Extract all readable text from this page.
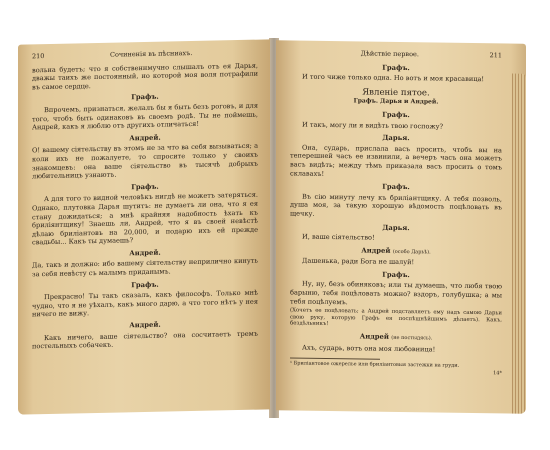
210	Сочиненія въ пѣсниахъ.
вольна будетъ; что я собственнмучно слышалъ отъ ея Дарья, дважы таихъ же постоянный, но которой моя воля потрафили въ самое сердце.
Графъ.
Впрочемъ, признаться, желалъ бы я быть безъ роговъ, и для того, чтобъ быть одинаковъ въ своемъ родѣ. Ты не поймешь, Андрей, какъ я люблю отъ другихъ отличаться!
Андрей.
О! вашему сіятельству въ этомъ не за что ва себя вызываться; а коли ихъ не пожалуете, то спросите только у своихъ знакомцевъ: она ваше сіятельство въ тысячѣ добрыхъ любительницъ узнаютъ.
Графъ.
А для того то видной человѣкъ нигдѣ не можетъ затеряться. Однако, плутовка Дарья шутитъ: не думаетъ ли она, что я ея стану дожидаться; а мнѣ крайняя надобность ѣхать къ бриліянтщику! Знаешь ли, Андрей, что я въ своей невѣстѣ дѣлаю бриліантовъ на 20,000, и подарю ихъ ей прежде свадьбы... Какъ ты думаешь?
Андрей.
Да, такъ и должно: ибо вашему сіятельству неприлично кинуть за себя невѣсту съ малымъ приданымъ.
Графъ.
Прекрасно! Ты такъ сказалъ, какъ философъ. Только мнѣ чудно, что я не уѣхалъ, какъ много дарю, а что того нѣтъ у нея ничего не вижу.
Андрей.
Какъ ничего, ваше сіятельство? она сосчитаетъ тремъ постельныхъ собачекъ.
Дѣйствіе первое.	211
Графъ.
И того чиже только одна. Но вотъ и моя красавица!
Явленіе пятое.
Графъ. Дарья и Андрей.
Графъ.
И такъ, могу ли я видѣть твою госпожу?
Дарья.
Она, сударь, прислала васъ просить, чтобъ вы на теперешней часъ ее извинили, а вечеръ часъ она можетъ васъ видѣть; между тѣмъ приказала васъ просить о томъ склавахъ!
Графъ.
Въ сію минуту лечу къ бриліантщику. А тебя позволь, душа моя, за такую хорошую вѣдомость поцѣловать въ щечку.
Дарья.
И, ваше сіятельство!
Андрей (особо Дарьѣ).
Дашенька, ради Бога не шалуй!
Графъ.
Ну, ну, безъ обиняковъ; или ты думаешь, что любя твою барыню, тебя поцѣловать можно? вздоръ, голубушка; а мы тебя поцѣлуемъ.
(Хочетъ ее поцѣловать; а Андрей подставляетъ ему надъ самою Дарьи свою руку, которую Графъ ея поспѣшнѣйшимъ дѣлаетъ). Какъ, бездѣльникъ!
Андрей (не постыдясь).
Ахъ, сударь, вотъ она моя любовница!
¹ Бриліантовое ожерелье или бриліантовыя застежки на груди.
14*
